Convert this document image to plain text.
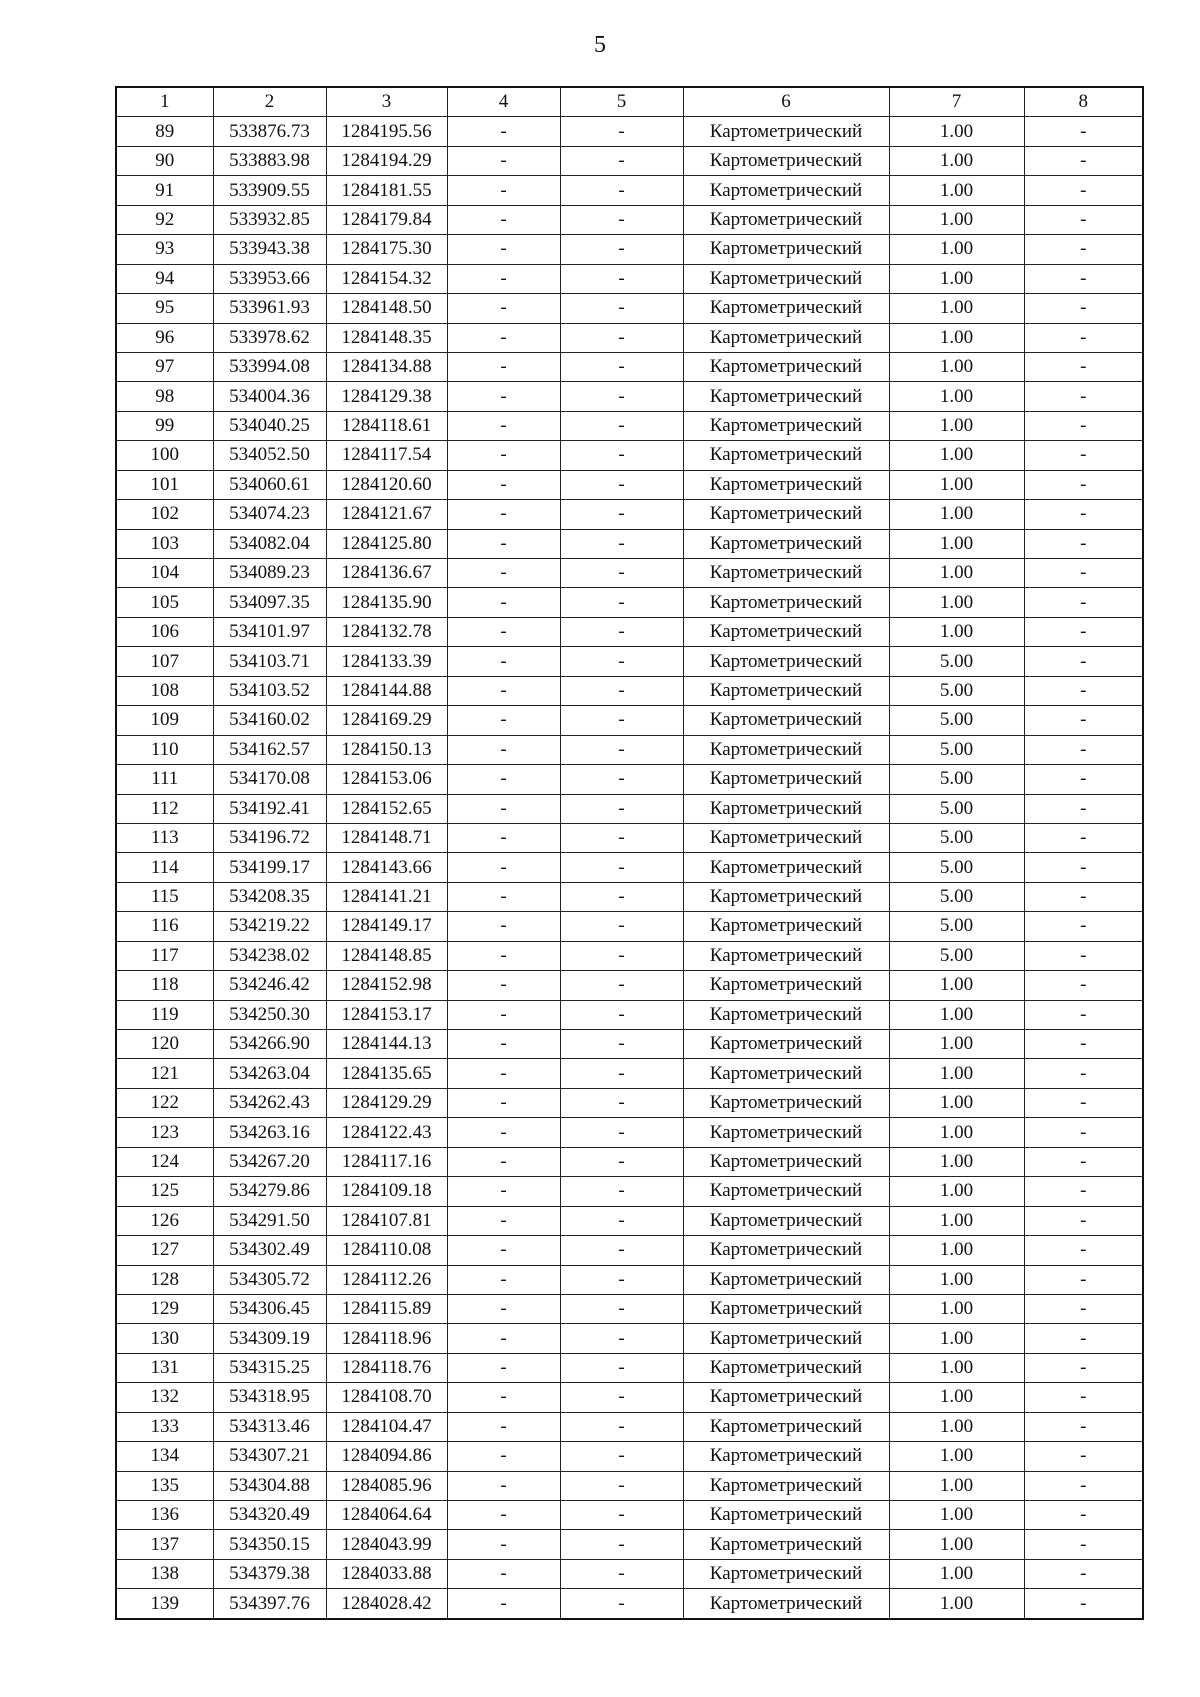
5
1	2	3	4	5	6	7	8
89	533876.73	1284195.56	-	-	Картометрический	1.00	-
90	533883.98	1284194.29	-	-	Картометрический	1.00	-
91	533909.55	1284181.55	-	-	Картометрический	1.00	-
92	533932.85	1284179.84	-	-	Картометрический	1.00	-
93	533943.38	1284175.30	-	-	Картометрический	1.00	-
94	533953.66	1284154.32	-	-	Картометрический	1.00	-
95	533961.93	1284148.50	-	-	Картометрический	1.00	-
96	533978.62	1284148.35	-	-	Картометрический	1.00	-
97	533994.08	1284134.88	-	-	Картометрический	1.00	-
98	534004.36	1284129.38	-	-	Картометрический	1.00	-
99	534040.25	1284118.61	-	-	Картометрический	1.00	-
100	534052.50	1284117.54	-	-	Картометрический	1.00	-
101	534060.61	1284120.60	-	-	Картометрический	1.00	-
102	534074.23	1284121.67	-	-	Картометрический	1.00	-
103	534082.04	1284125.80	-	-	Картометрический	1.00	-
104	534089.23	1284136.67	-	-	Картометрический	1.00	-
105	534097.35	1284135.90	-	-	Картометрический	1.00	-
106	534101.97	1284132.78	-	-	Картометрический	1.00	-
107	534103.71	1284133.39	-	-	Картометрический	5.00	-
108	534103.52	1284144.88	-	-	Картометрический	5.00	-
109	534160.02	1284169.29	-	-	Картометрический	5.00	-
110	534162.57	1284150.13	-	-	Картометрический	5.00	-
111	534170.08	1284153.06	-	-	Картометрический	5.00	-
112	534192.41	1284152.65	-	-	Картометрический	5.00	-
113	534196.72	1284148.71	-	-	Картометрический	5.00	-
114	534199.17	1284143.66	-	-	Картометрический	5.00	-
115	534208.35	1284141.21	-	-	Картометрический	5.00	-
116	534219.22	1284149.17	-	-	Картометрический	5.00	-
117	534238.02	1284148.85	-	-	Картометрический	5.00	-
118	534246.42	1284152.98	-	-	Картометрический	1.00	-
119	534250.30	1284153.17	-	-	Картометрический	1.00	-
120	534266.90	1284144.13	-	-	Картометрический	1.00	-
121	534263.04	1284135.65	-	-	Картометрический	1.00	-
122	534262.43	1284129.29	-	-	Картометрический	1.00	-
123	534263.16	1284122.43	-	-	Картометрический	1.00	-
124	534267.20	1284117.16	-	-	Картометрический	1.00	-
125	534279.86	1284109.18	-	-	Картометрический	1.00	-
126	534291.50	1284107.81	-	-	Картометрический	1.00	-
127	534302.49	1284110.08	-	-	Картометрический	1.00	-
128	534305.72	1284112.26	-	-	Картометрический	1.00	-
129	534306.45	1284115.89	-	-	Картометрический	1.00	-
130	534309.19	1284118.96	-	-	Картометрический	1.00	-
131	534315.25	1284118.76	-	-	Картометрический	1.00	-
132	534318.95	1284108.70	-	-	Картометрический	1.00	-
133	534313.46	1284104.47	-	-	Картометрический	1.00	-
134	534307.21	1284094.86	-	-	Картометрический	1.00	-
135	534304.88	1284085.96	-	-	Картометрический	1.00	-
136	534320.49	1284064.64	-	-	Картометрический	1.00	-
137	534350.15	1284043.99	-	-	Картометрический	1.00	-
138	534379.38	1284033.88	-	-	Картометрический	1.00	-
139	534397.76	1284028.42	-	-	Картометрический	1.00	-
